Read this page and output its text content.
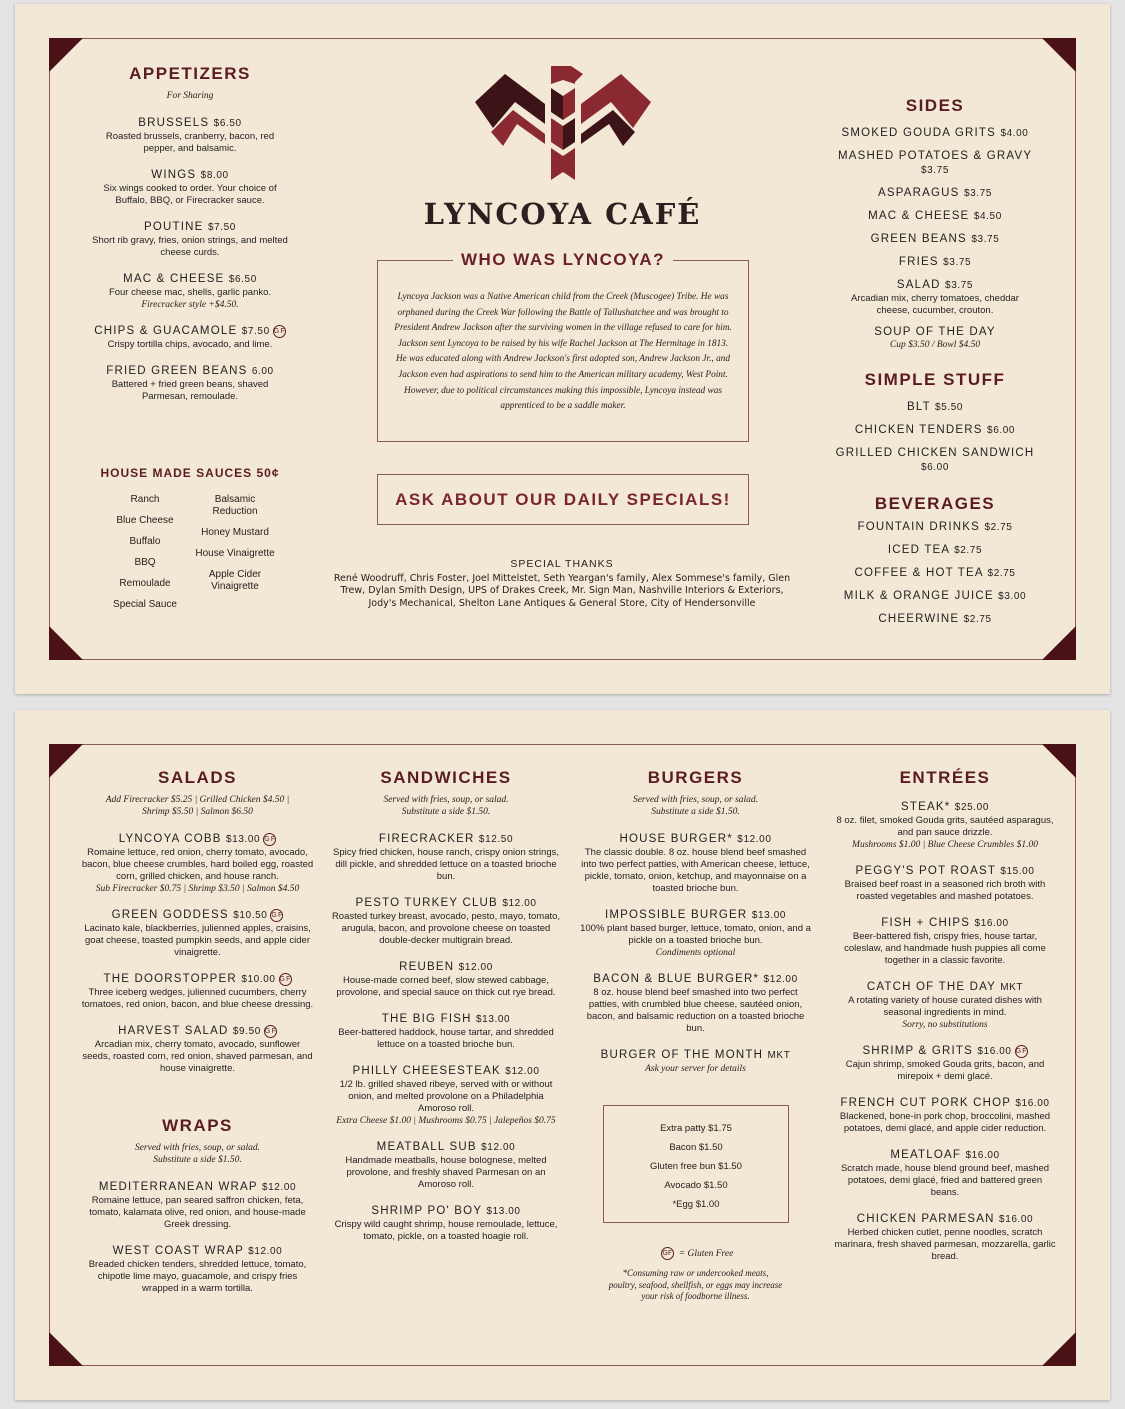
APPETIZERS
For Sharing
BRUSSELS $6.50
Roasted brussels, cranberry, bacon, red pepper, and balsamic.
WINGS $8.00
Six wings cooked to order. Your choice of Buffalo, BBQ, or Firecracker sauce.
POUTINE $7.50
Short rib gravy, fries, onion strings, and melted cheese curds.
MAC & CHEESE $6.50
Four cheese mac, shells, garlic panko.
Firecracker style +$4.50.
CHIPS & GUACAMOLE $7.50 GF
Crispy tortilla chips, avocado, and lime.
FRIED GREEN BEANS 6.00
Battered + fried green beans, shaved Parmesan, remoulade.
HOUSE MADE SAUCES 50¢
Ranch
Blue Cheese
Buffalo
BBQ
Remoulade
Special Sauce
Balsamic Reduction
Honey Mustard
House Vinaigrette
Apple Cider Vinaigrette
LYNCOYA CAFÉ
WHO WAS LYNCOYA?
Lyncoya Jackson was a Native American child from the Creek (Muscogee) Tribe. He was orphaned during the Creek War following the Battle of Tallushatchee and was brought to President Andrew Jackson after the surviving women in the village refused to care for him. Jackson sent Lyncoya to be raised by his wife Rachel Jackson at The Hermitage in 1813. He was educated along with Andrew Jackson's first adopted son, Andrew Jackson Jr., and Jackson even had aspirations to send him to the American military academy, West Point. However, due to political circumstances making this impossible, Lyncoya instead was apprenticed to be a saddle maker.
ASK ABOUT OUR DAILY SPECIALS!
SPECIAL THANKS
René Woodruff, Chris Foster, Joel Mittelstet, Seth Yeargan's family, Alex Sommese's family, Glen Trew, Dylan Smith Design, UPS of Drakes Creek, Mr. Sign Man, Nashville Interiors & Exteriors, Jody's Mechanical, Shelton Lane Antiques & General Store, City of Hendersonville
SIDES
SMOKED GOUDA GRITS $4.00
MASHED POTATOES & GRAVY $3.75
ASPARAGUS $3.75
MAC & CHEESE $4.50
GREEN BEANS $3.75
FRIES $3.75
SALAD $3.75
Arcadian mix, cherry tomatoes, cheddar cheese, cucumber, crouton.
SOUP OF THE DAY
Cup $3.50 / Bowl $4.50
SIMPLE STUFF
BLT $5.50
CHICKEN TENDERS $6.00
GRILLED CHICKEN SANDWICH $6.00
BEVERAGES
FOUNTAIN DRINKS $2.75
ICED TEA $2.75
COFFEE & HOT TEA $2.75
MILK & ORANGE JUICE $3.00
CHEERWINE $2.75
SALADS
Add Firecracker $5.25 | Grilled Chicken $4.50 | Shrimp $5.50 | Salmon $6.50
LYNCOYA COBB $13.00 GF
Romaine lettuce, red onion, cherry tomato, avocado, bacon, blue cheese crumbles, hard boiled egg, roasted corn, grilled chicken, and house ranch.
Sub Firecracker $0.75 | Shrimp $3.50 | Salmon $4.50
GREEN GODDESS $10.50 GF
Lacinato kale, blackberries, julienned apples, craisins, goat cheese, toasted pumpkin seeds, and apple cider vinaigrette.
THE DOORSTOPPER $10.00 GF
Three iceberg wedges, julienned cucumbers, cherry tomatoes, red onion, bacon, and blue cheese dressing.
HARVEST SALAD $9.50 GF
Arcadian mix, cherry tomato, avocado, sunflower seeds, roasted corn, red onion, shaved parmesan, and house vinaigrette.
WRAPS
Served with fries, soup, or salad. Substitute a side $1.50.
MEDITERRANEAN WRAP $12.00
Romaine lettuce, pan seared saffron chicken, feta, tomato, kalamata olive, red onion, and house-made Greek dressing.
WEST COAST WRAP $12.00
Breaded chicken tenders, shredded lettuce, tomato, chipotle lime mayo, guacamole, and crispy fries wrapped in a warm tortilla.
SANDWICHES
Served with fries, soup, or salad. Substitute a side $1.50.
FIRECRACKER $12.50
Spicy fried chicken, house ranch, crispy onion strings, dill pickle, and shredded lettuce on a toasted brioche bun.
PESTO TURKEY CLUB $12.00
Roasted turkey breast, avocado, pesto, mayo, tomato, arugula, bacon, and provolone cheese on toasted double-decker multigrain bread.
REUBEN $12.00
House-made corned beef, slow stewed cabbage, provolone, and special sauce on thick cut rye bread.
THE BIG FISH $13.00
Beer-battered haddock, house tartar, and shredded lettuce on a toasted brioche bun.
PHILLY CHEESESTEAK $12.00
1/2 lb. grilled shaved ribeye, served with or without onion, and melted provolone on a Philadelphia Amoroso roll.
Extra Cheese $1.00 | Mushrooms $0.75 | Jalepeños $0.75
MEATBALL SUB $12.00
Handmade meatballs, house bolognese, melted provolone, and freshly shaved Parmesan on an Amoroso roll.
SHRIMP PO' BOY $13.00
Crispy wild caught shrimp, house remoulade, lettuce, tomato, pickle, on a toasted hoagie roll.
BURGERS
Served with fries, soup, or salad. Substitute a side $1.50.
HOUSE BURGER* $12.00
The classic double. 8 oz. house blend beef smashed into two perfect patties, with American cheese, lettuce, pickle, tomato, onion, ketchup, and mayonnaise on a toasted brioche bun.
IMPOSSIBLE BURGER $13.00
100% plant based burger, lettuce, tomato, onion, and a pickle on a toasted brioche bun.
Condiments optional
BACON & BLUE BURGER* $12.00
8 oz. house blend beef smashed into two perfect patties, with crumbled blue cheese, sautéed onion, bacon, and balsamic reduction on a toasted brioche bun.
BURGER OF THE MONTH MKT
Ask your server for details
Extra patty $1.75
Bacon $1.50
Gluten free bun $1.50
Avocado $1.50
*Egg $1.00
GF = Gluten Free
*Consuming raw or undercooked meats, poultry, seafood, shellfish, or eggs may increase your risk of foodborne illness.
ENTRÉES
STEAK* $25.00
8 oz. filet, smoked Gouda grits, sautéed asparagus, and pan sauce drizzle.
Mushrooms $1.00 | Blue Cheese Crumbles $1.00
PEGGY'S POT ROAST $15.00
Braised beef roast in a seasoned rich broth with roasted vegetables and mashed potatoes.
FISH + CHIPS $16.00
Beer-battered fish, crispy fries, house tartar, coleslaw, and handmade hush puppies all come together in a classic favorite.
CATCH OF THE DAY MKT
A rotating variety of house curated dishes with seasonal ingredients in mind.
Sorry, no substitutions
SHRIMP & GRITS $16.00 GF
Cajun shrimp, smoked Gouda grits, bacon, and mirepoix + demi glacé.
FRENCH CUT PORK CHOP $16.00
Blackened, bone-in pork chop, broccolini, mashed potatoes, demi glacé, and apple cider reduction.
MEATLOAF $16.00
Scratch made, house blend ground beef, mashed potatoes, demi glacé, fried and battered green beans.
CHICKEN PARMESAN $16.00
Herbed chicken cutlet, penne noodles, scratch marinara, fresh shaved parmesan, mozzarella, garlic bread.
